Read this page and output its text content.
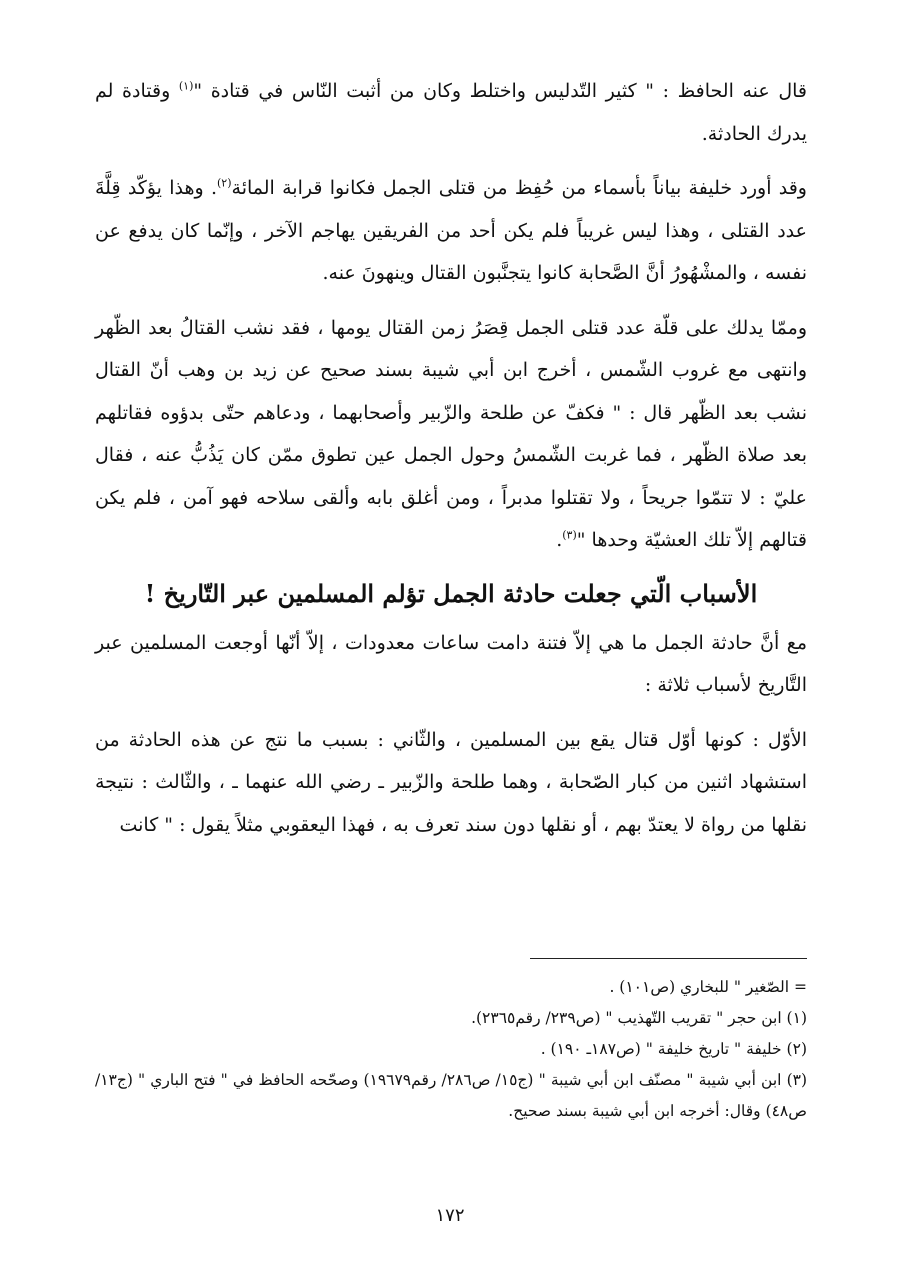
قال عنه الحافظ : " كثير التّدليس واختلط وكان من أثبت النّاس في قتادة "$^{(١)}$ وقتادة لم يدرك الحادثة.

وقد أورد خليفة بياناً بأسماء من حُفِظ من قتلى الجمل فكانوا قرابة المائة$^{(٢)}$. وهذا يؤكّد قِلَّةَ عدد القتلى ، وهذا ليس غريباً فلم يكن أحد من الفريقين يهاجم الآخر ، وإنّما كان يدفع عن نفسه ، والمشْهُورُ أنَّ الصَّحابة كانوا يتجنَّبون القتال وينهونَ عنه.

وممّا يدلك على قلّة عدد قتلى الجمل قِصَرُ زمن القتال يومها ، فقد نشب القتالُ بعد الظّهر وانتهى مع غروب الشّمس ، أخرج ابن أبي شيبة بسند صحيح عن زيد بن وهب أنّ القتال نشب بعد الظّهر قال : " فكفّ عن طلحة والزّبير وأصحابهما ، ودعاهم حتّى بدؤوه فقاتلهم بعد صلاة الظّهر ، فما غربت الشّمسُ وحول الجمل عين تطوق ممّن كان يَذُبُّ عنه ، فقال عليّ : لا تتمّوا جريحاً ، ولا تقتلوا مدبراً ، ومن أغلق بابه وألقى سلاحه فهو آمن ، فلم يكن قتالهم إلاّ تلك العشيّة وحدها "$^{(٣)}$.

الأسباب الّتي جعلت حادثة الجمل تؤلم المسلمين عبر التّاريخ !

مع أنَّ حادثة الجمل ما هي إلاّ فتنة دامت ساعات معدودات ، إلاّ أنّها أوجعت المسلمين عبر التَّاريخ لأسباب ثلاثة :

الأوّل : كونها أوّل قتال يقع بين المسلمين ، والثّاني : بسبب ما نتج عن هذه الحادثة من استشهاد اثنين من كبار الصّحابة ، وهما طلحة والزّبير ـ رضي الله عنهما ـ ، والثّالث : نتيجة نقلها من رواة لا يعتدّ بهم ، أو نقلها دون سند تعرف به ، فهذا اليعقوبي مثلاً يقول : " كانت

= الصّغير " للبخاري (ص١٠١) .

(١) ابن حجر " تقريب التّهذيب " (ص٢٣٩/ رقم٢٣٦٥).

(٢) خليفة " تاريخ خليفة " (ص١٨٧ـ ١٩٠) .

(٣) ابن أبي شيبة " مصنّف ابن أبي شيبة " (ج١٥/ ص٢٨٦/ رقم١٩٦٧٩) وصحّحه الحافظ في " فتح الباري " (ج١٣/ ص٤٨) وقال: أخرجه ابن أبي شيبة بسند صحيح.

١٧٢
